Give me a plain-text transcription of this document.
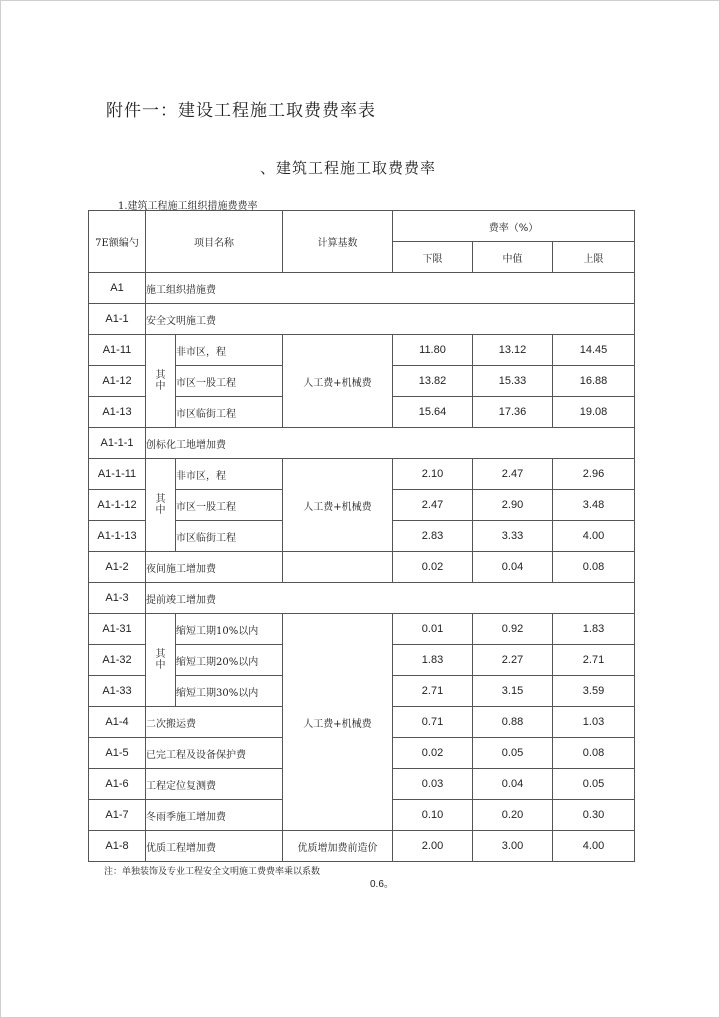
附件一：建设工程施工取费费率表
、建筑工程施工取费费率
1.建筑工程施工组织措施费费率
7E额编勺	项目名称		计算基数	费率（%）		
				下限	中值	上限
A1	施工组织措施费					
A1-1	安全文明施工费					
A1-11	其中	非市区，程	人工费+机械费	11.80	13.12	14.45
A1-12		市区一股工程		13.82	15.33	16.88
A1-13		市区临街工程		15.64	17.36	19.08
A1-1-1	创标化工地增加费					
A1-1-11	其中	非市区，程	人工费+机械费	2.10	2.47	2.96
A1-1-12		市区一股工程		2.47	2.90	3.48
A1-1-13		市区临街工程		2.83	3.33	4.00
A1-2	夜间施工增加费			0.02	0.04	0.08
A1-3	提前竣工增加费					
A1-31	其中	缩短工期10%以内	人工费+机械费	0.01	0.92	1.83
A1-32		缩短工期20%以内		1.83	2.27	2.71
A1-33		缩短工期30%以内		2.71	3.15	3.59
A1-4	二次搬运费			0.71	0.88	1.03
A1-5	已完工程及设备保护费			0.02	0.05	0.08
A1-6	工程定位复测费			0.03	0.04	0.05
A1-7	冬雨季施工增加费			0.10	0.20	0.30
A1-8	优质工程增加费		优质增加费前造价	2.00	3.00	4.00
注：单独装饰及专业工程安全文明施工费费率乘以系数
0.6。
